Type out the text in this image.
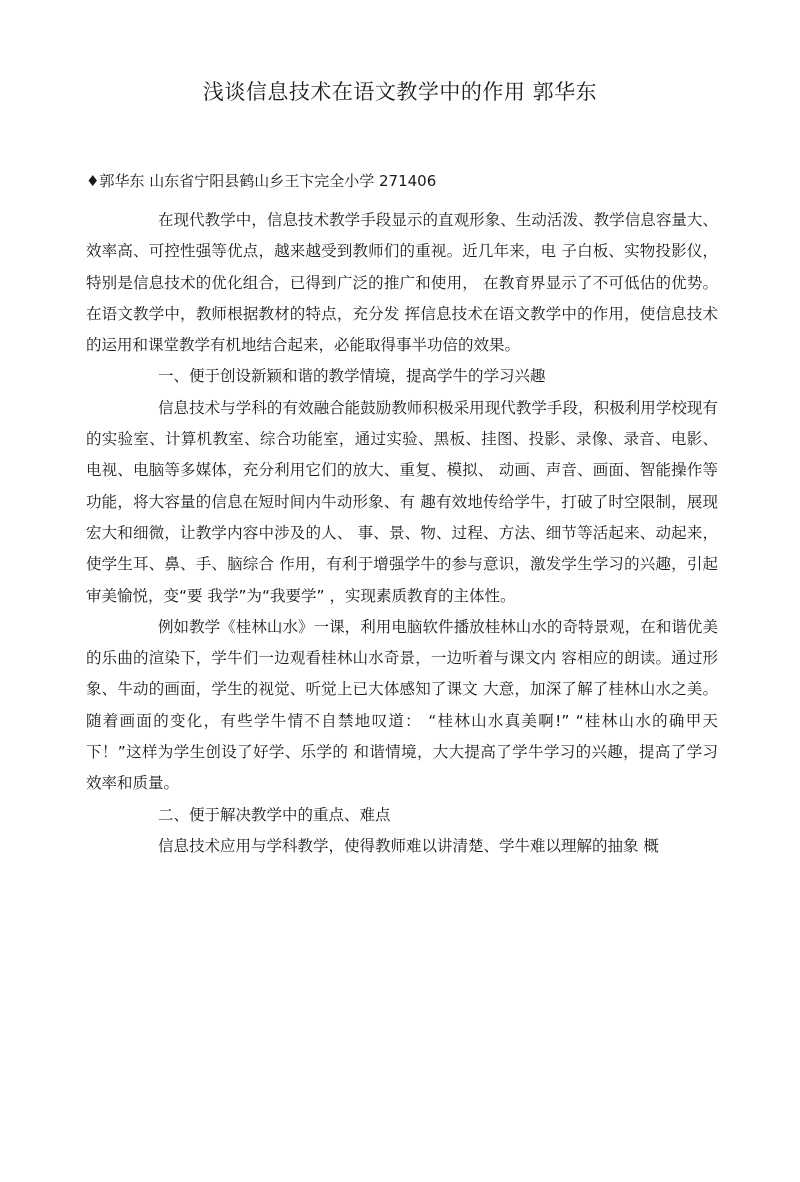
浅谈信息技术在语文教学中的作用 郭华东
♦郭华东 山东省宁阳县鹤山乡王卞完全小学 271406

在现代教学中，信息技术教学手段显示的直观形象、生动活泼、教学信息容量大、效率高、可控性强等优点，越来越受到教师们的重视。近几年来，电 子白板、实物投影仪，特别是信息技术的优化组合，已得到广泛的推广和使用， 在教育界显示了不可低估的优势。在语文教学中，教师根据教材的特点，充分发 挥信息技术在语文教学中的作用，使信息技术的运用和课堂教学有机地结合起来，必能取得事半功倍的效果。

一、便于创设新颖和谐的教学情境，提高学牛的学习兴趣

信息技术与学科的有效融合能鼓励教师积极采用现代教学手段，积极利用学校现有的实验室、计算机教室、综合功能室，通过实验、黑板、挂图、投影、录像、录音、电影、电视、电脑等多媒体，充分利用它们的放大、重复、模拟、 动画、声音、画面、智能操作等功能，将大容量的信息在短时间内牛动形象、有 趣有效地传给学牛，打破了时空限制，展现宏大和细微，让教学内容中涉及的人、 事、景、物、过程、方法、细节等活起来、动起来，使学生耳、鼻、手、脑综合 作用，有利于增强学牛的参与意识，激发学生学习的兴趣，引起审美愉悦，变“要 我学”为“我要学” ，实现素质教育的主体性。

例如教学《桂林山水》一课，利用电脑软件播放桂林山水的奇特景观，在和谐优美的乐曲的渲染下，学牛们一边观看桂林山水奇景，一边听着与课文内 容相应的朗读。通过形象、牛动的画面，学生的视觉、听觉上已大体感知了课文 大意，加深了解了桂林山水之美。随着画面的变化，有些学牛情不自禁地叹道： “桂林山水真美啊!” “桂林山水的确甲天下！”这样为学生创设了好学、乐学的 和谐情境，大大提高了学牛学习的兴趣，提高了学习效率和质量。

二、便于解决教学中的重点、难点

信息技术应用与学科教学，使得教师难以讲清楚、学牛难以理解的抽象 概
